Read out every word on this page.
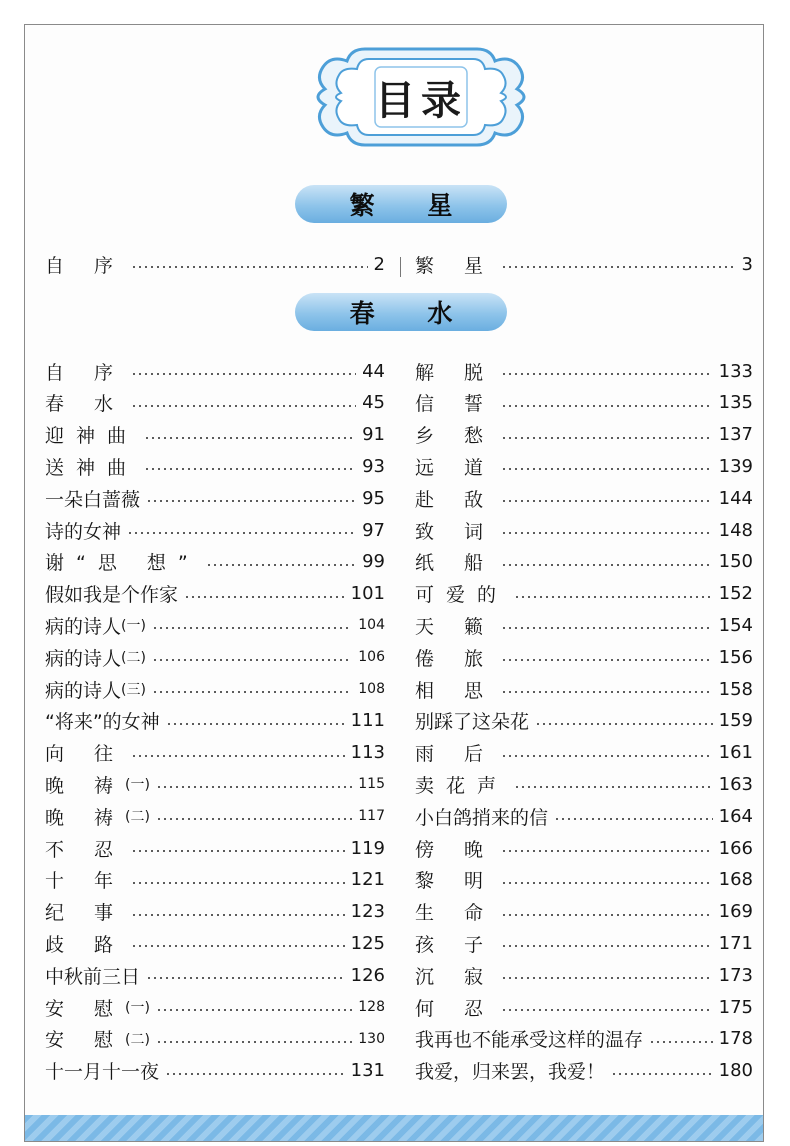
目录
繁 星
自 序	2 繁 星	3
春 水
自 序	44
春 水	45
迎神曲	91
送神曲	93
一朵白蔷薇	95
诗的女神	97
谢“思 想”	99
假如我是个作家	101
病的诗人 (一)	104
病的诗人 (二)	106
病的诗人 (三)	108
“将来”的女神	111
向 往	113
晚 祷 (一)	115
晚 祷 (二)	117
不 忍	119
十 年	121
纪 事	123
歧 路	125
中秋前三日	126
安 慰 (一)	128
安 慰 (二)	130
十一月十一夜	131
解 脱	133
信 誓	135
乡 愁	137
远 道	139
赴 敌	144
致 词	148
纸 船	150
可爱的	152
天 籁	154
倦 旅	156
相 思	158
别踩了这朵花	159
雨 后	161
卖花声	163
小白鸽捎来的信	164
傍 晚	166
黎 明	168
生 命	169
孩 子	171
沉 寂	173
何 忍	175
我再也不能承受这样的温存	178
我爱，归来罢，我爱！	180
